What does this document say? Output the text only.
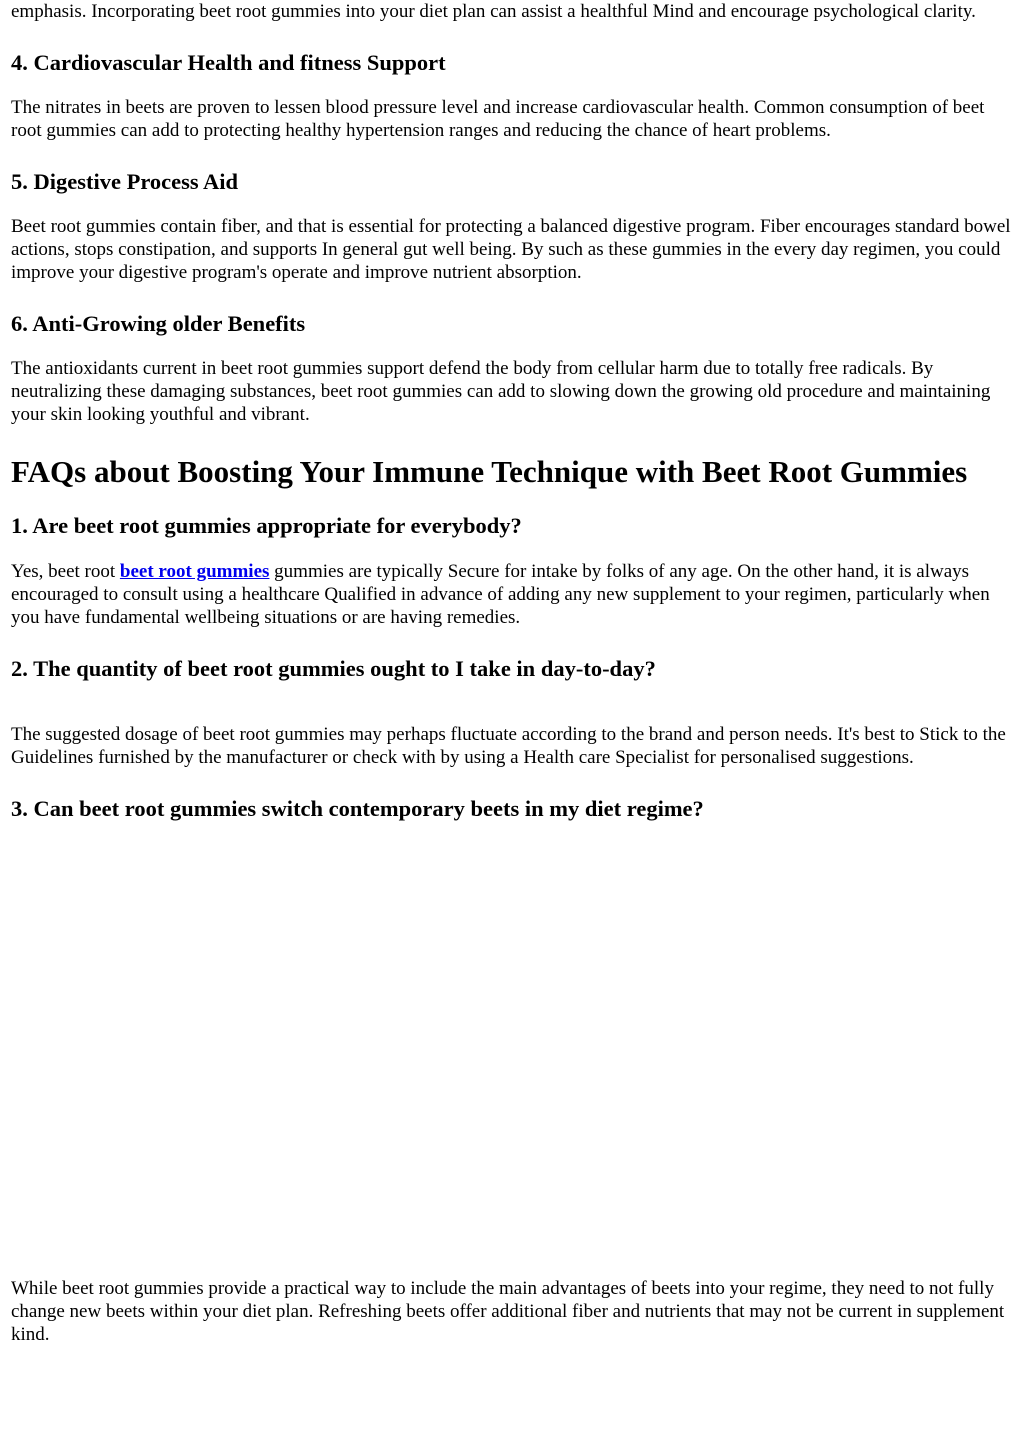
emphasis. Incorporating beet root gummies into your diet plan can assist a healthful Mind and encourage psychological clarity.

4. Cardiovascular Health and fitness Support

The nitrates in beets are proven to lessen blood pressure level and increase cardiovascular health. Common consumption of beet root gummies can add to protecting healthy hypertension ranges and reducing the chance of heart problems.

5. Digestive Process Aid

Beet root gummies contain fiber, and that is essential for protecting a balanced digestive program. Fiber encourages standard bowel actions, stops constipation, and supports In general gut well being. By such as these gummies in the every day regimen, you could improve your digestive program's operate and improve nutrient absorption.

6. Anti-Growing older Benefits

The antioxidants current in beet root gummies support defend the body from cellular harm due to totally free radicals. By neutralizing these damaging substances, beet root gummies can add to slowing down the growing old procedure and maintaining your skin looking youthful and vibrant.

FAQs about Boosting Your Immune Technique with Beet Root Gummies
1. Are beet root gummies appropriate for everybody?

Yes, beet root beet root gummies gummies are typically Secure for intake by folks of any age. On the other hand, it is always encouraged to consult using a healthcare Qualified in advance of adding any new supplement to your regimen, particularly when you have fundamental wellbeing situations or are having remedies.

2. The quantity of beet root gummies ought to I take in day-to-day?

The suggested dosage of beet root gummies may perhaps fluctuate according to the brand and person needs. It's best to Stick to the Guidelines furnished by the manufacturer or check with by using a Health care Specialist for personalised suggestions.

3. Can beet root gummies switch contemporary beets in my diet regime?

While beet root gummies provide a practical way to include the main advantages of beets into your regime, they need to not fully change new beets within your diet plan. Refreshing beets offer additional fiber and nutrients that may not be current in supplement kind.
